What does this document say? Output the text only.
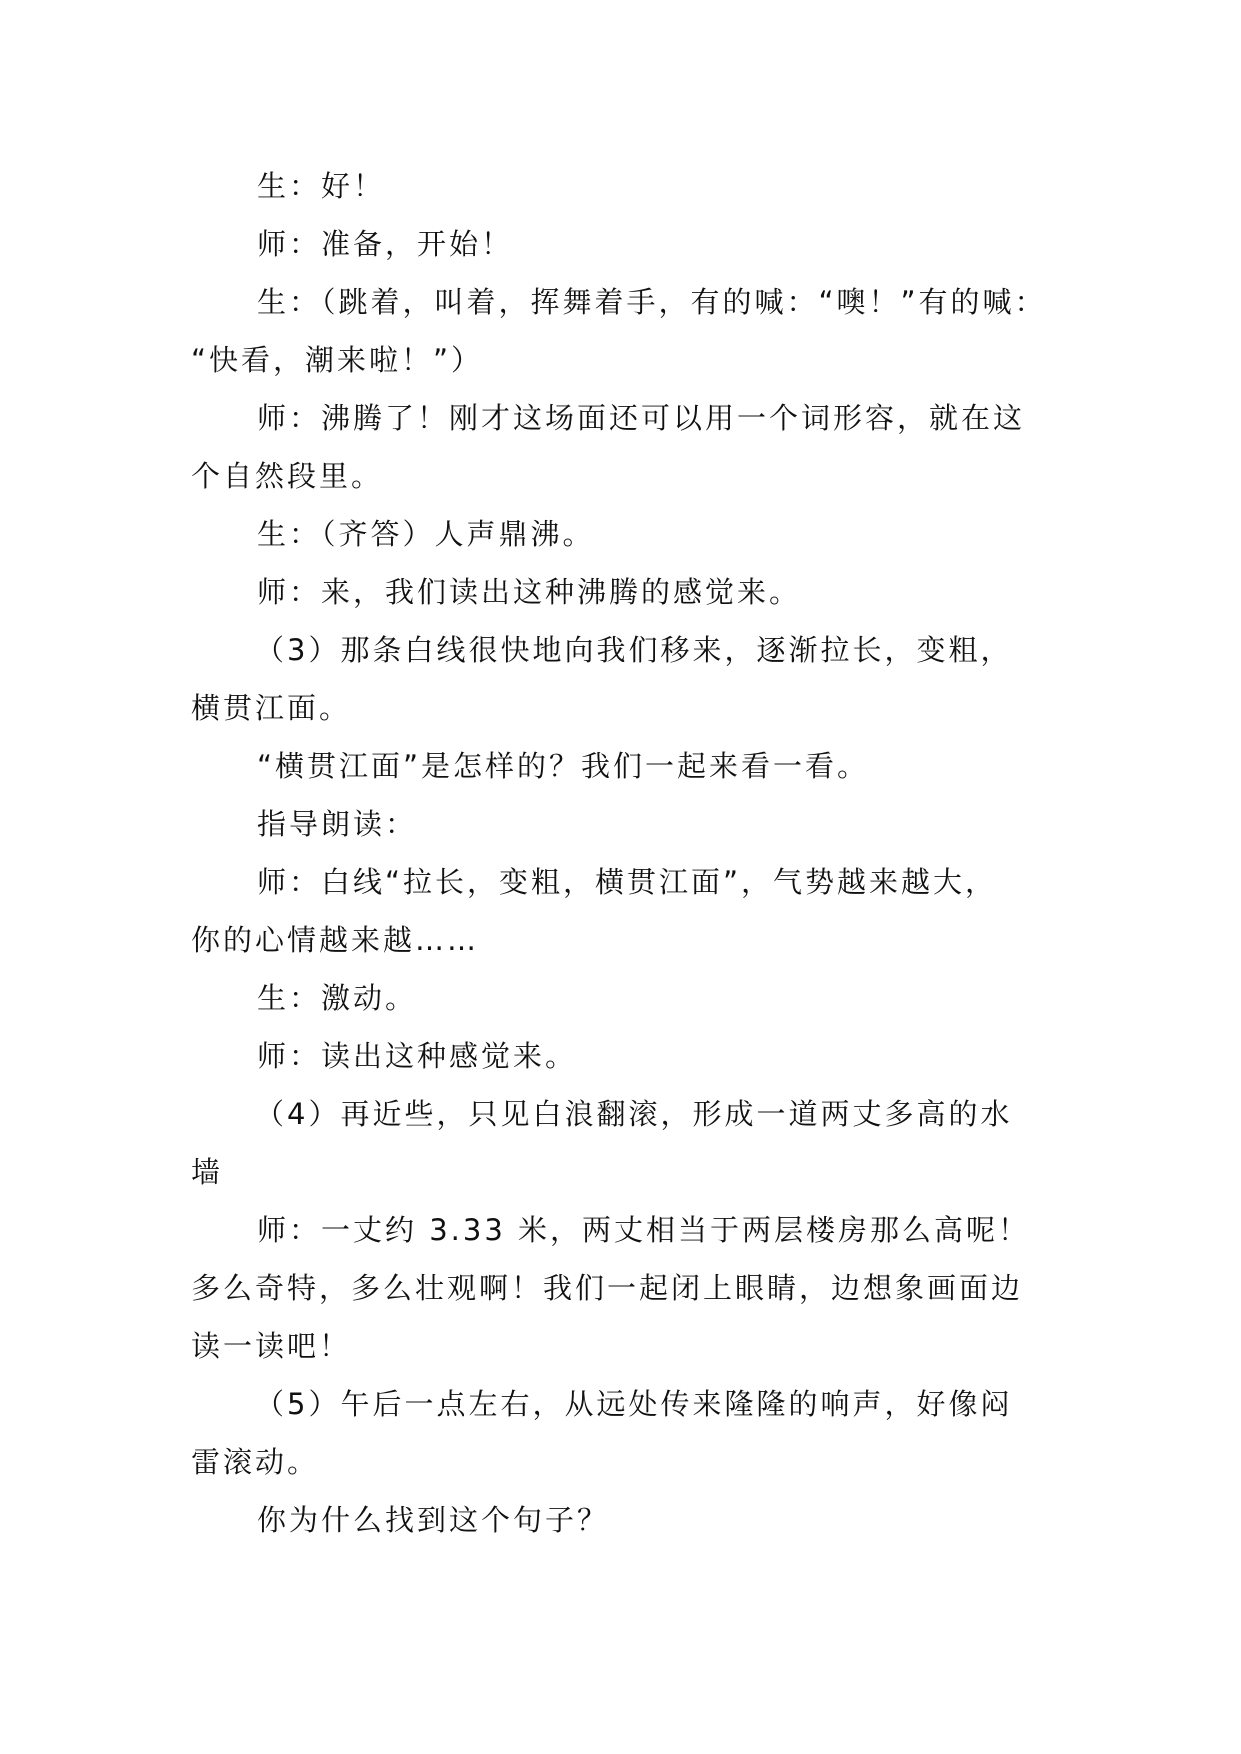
生：好！
师：准备，开始！
生：（跳着，叫着，挥舞着手，有的喊：“噢！”有的喊：
“快看，潮来啦！”）
师：沸腾了！刚才这场面还可以用一个词形容，就在这
个自然段里。
生：（齐答）人声鼎沸。
师：来，我们读出这种沸腾的感觉来。
（3）那条白线很快地向我们移来，逐渐拉长，变粗，
横贯江面。
“横贯江面”是怎样的？我们一起来看一看。
指导朗读：
师：白线“拉长，变粗，横贯江面”，气势越来越大，
你的心情越来越……
生：激动。
师：读出这种感觉来。
（4）再近些，只见白浪翻滚，形成一道两丈多高的水
墙
师：一丈约 3.33 米，两丈相当于两层楼房那么高呢！
多么奇特，多么壮观啊！我们一起闭上眼睛，边想象画面边
读一读吧！
（5）午后一点左右，从远处传来隆隆的响声，好像闷
雷滚动。
你为什么找到这个句子？
